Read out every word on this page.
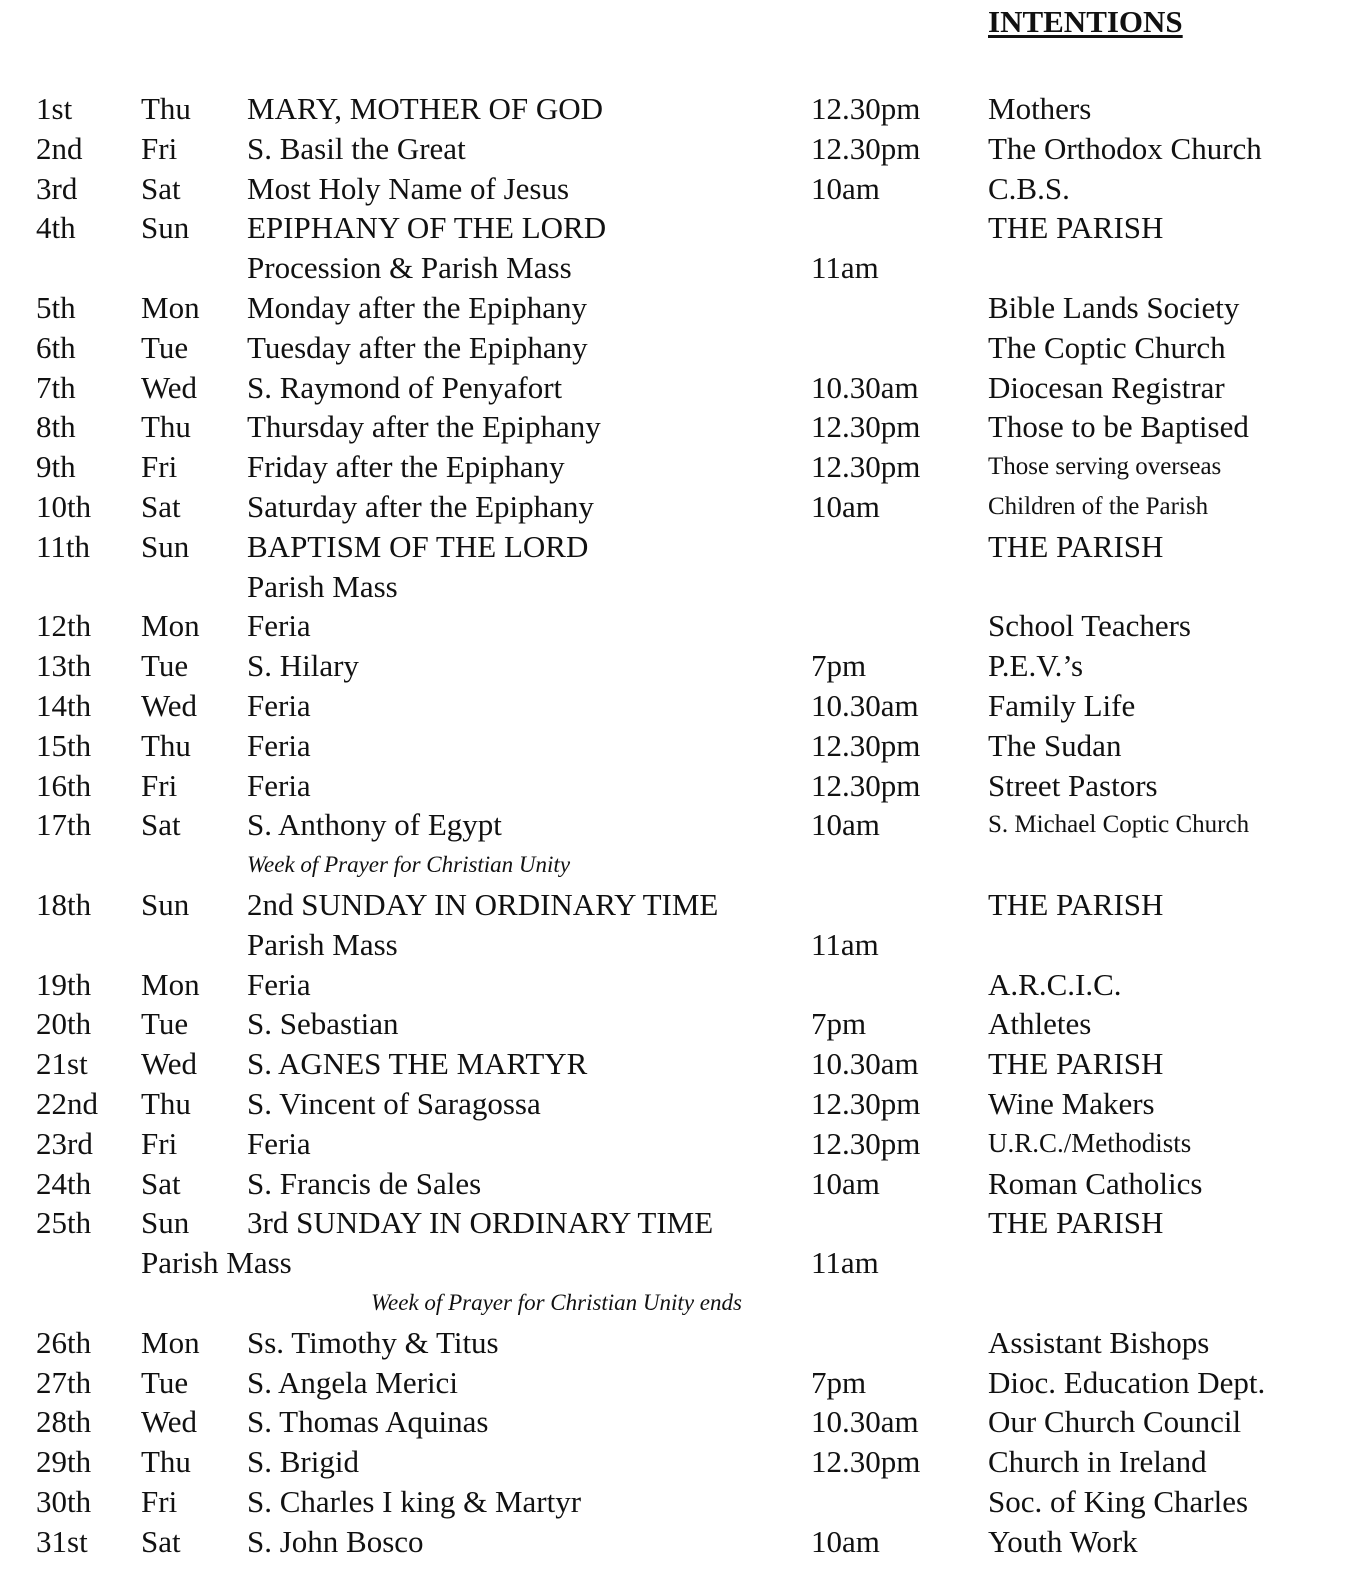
INTENTIONS
1st Thu MARY, MOTHER OF GOD	12.30pm Mothers
2nd Fri S. Basil the Great	12.30pm The Orthodox Church
3rd Sat Most Holy Name of Jesus	10am	C.B.S.
4th Sun EPIPHANY OF THE LORD	THE PARISH
Procession & Parish Mass	11am
5th Mon Monday after the Epiphany	Bible Lands Society
6th Tue Tuesday after the Epiphany	The Coptic Church
7th Wed S. Raymond of Penyafort	10.30am Diocesan Registrar
8th Thu Thursday after the Epiphany	12.30pm Those to be Baptised
9th Fri Friday after the Epiphany	12.30pm	Those serving overseas
10th Sat Saturday after the Epiphany	10am	Children of the Parish
11th Sun BAPTISM OF THE LORD	THE PARISH
Parish Mass
12th Mon Feria	School Teachers
13th Tue S. Hilary	7pm	P.E.V.’s
14th Wed Feria	10.30am Family Life
15th Thu Feria	12.30pm The Sudan
16th Fri Feria	12.30pm Street Pastors
17th Sat S. Anthony of Egypt	10am	S. Michael Coptic Church
Week of Prayer for Christian Unity
18th Sun 2nd SUNDAY IN ORDINARY TIME	THE PARISH
Parish Mass	11am
19th Mon Feria	A.R.C.I.C.
20th Tue S. Sebastian	7pm	Athletes
21st Wed S. AGNES THE MARTYR	10.30am THE PARISH
22nd Thu S. Vincent of Saragossa	12.30pm Wine Makers
23rd Fri Feria	12.30pm	U.R.C./Methodists
24th Sat S. Francis de Sales	10am	Roman Catholics
25th Sun 3rd SUNDAY IN ORDINARY TIME	THE PARISH
Parish Mass	11am
Week of Prayer for Christian Unity ends
26th Mon Ss. Timothy & Titus	Assistant Bishops
27th Tue S. Angela Merici	7pm	Dioc. Education Dept.
28th Wed S. Thomas Aquinas	10.30am Our Church Council
29th Thu S. Brigid	12.30pm Church in Ireland
30th Fri S. Charles I king & Martyr	Soc. of King Charles
31st Sat S. John Bosco	10am	Youth Work
